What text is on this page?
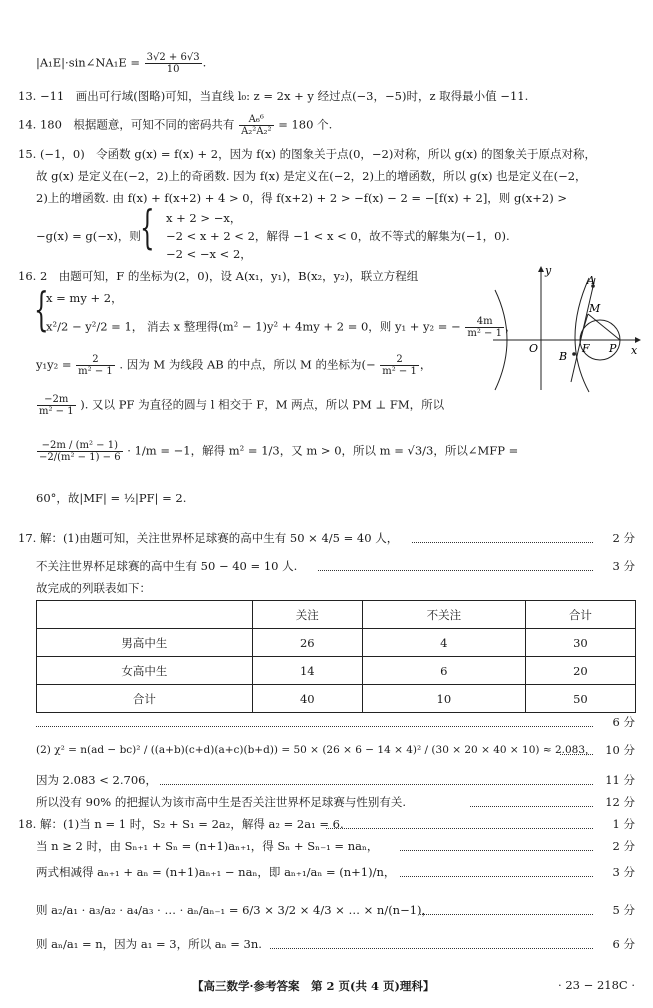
|A₁E|·sin∠NA₁E = $\frac{3√2 + 6√3}{10}$ .
13. −11　画出可行域(图略)可知，当直线 l₀: z = 2x + y 经过点(−3，−5)时，z 取得最小值 −11.
14. 180　根据题意，可知不同的密码共有 $\frac{\text{A₆⁶}}{\text{A₂²A₂²}} = 180$ 个.
15. (−1，0)　令函数 g(x) = f(x) + 2，因为 f(x) 的图象关于点(0，−2)对称，所以 g(x) 的图象关于原点对称，
故 g(x) 是定义在(−2，2)上的奇函数. 因为 f(x) 是定义在(−2，2)上的增函数，所以 g(x) 也是定义在(−2，
2)上的增函数. 由 f(x) + f(x+2) + 4 > 0，得 f(x+2) + 2 > −f(x) − 2 = −[f(x) + 2]，则 g(x+2) >
−g(x) = g(−x)，则 { x + 2 > −x，
−2 < x + 2 < 2，解得 −1 < x < 0，故不等式的解集为(−1，0).
−2 < −x < 2，
16. 2　由题可知，F 的坐标为(2，0)，设 A(x₁，y₁)，B(x₂，y₂)，联立方程组
{
x = my + 2，
x²/2 − y²/2 = 1， 消去 x 整理得(m² − 1)y² + 4my + 2 = 0，则 y₁ + y₂ = − $\frac{4m}{\text{m² − 1}}$ ，
$y_1y_2 = \frac{2}{\text{m² − 1}}$ . 因为 M 为线段 AB 的中点，所以 M 的坐标为(− $\frac{2}{\text{m² − 1}}$ ，
$\frac{-2m}{\text{m² − 1}}$ ). 又以 PF 为直径的圆与 l 相交于 F，M 两点，所以 PM ⊥ FM，所以
$\frac{\text{−2m / (m² − 1)}}{\text{−2/(m² − 1) − 6}} \cdot 1/m = -1$，解得 m² = 1/3，又 m > 0，所以 m = √3/3，所以∠MFP =
60°，故|MF| = ½|PF| = 2.
y
x
A
M
O
B
F P
17. 解：(1)由题可知，关注世界杯足球赛的高中生有 50 × 4/5 = 40 人，	2 分
不关注世界杯足球赛的高中生有 50 − 40 = 10 人.	3 分
故完成的列联表如下：
	关注	不关注	合计
男高中生	26	4	30
女高中生	14	6	20
合计	40	10	50
6 分
(2) χ² = n(ad − bc)² / ((a+b)(c+d)(a+c)(b+d)) = 50 × (26 × 6 − 14 × 4)² / (30 × 20 × 40 × 10) ≈ 2.083， 10 分
因为 2.083 < 2.706，	11 分
所以没有 90% 的把握认为该市高中生是否关注世界杯足球赛与性别有关.	12 分
18. 解：(1)当 n = 1 时，S₂ + S₁ = 2a₂，解得 a₂ = 2a₁ = 6.	1 分
当 n ≥ 2 时，由 Sₙ₊₁ + Sₙ = (n+1)aₙ₊₁，得 Sₙ + Sₙ₋₁ = naₙ，	2 分
两式相减得 aₙ₊₁ + aₙ = (n+1)aₙ₊₁ − naₙ，即 aₙ₊₁/aₙ = (n+1)/n，	3 分
则 a₂/a₁ · a₃/a₂ · a₄/a₃ · … · aₙ/aₙ₋₁ = 6/3 × 3/2 × 4/3 × … × n/(n−1)，	5 分
则 aₙ/a₁ = n，因为 a₁ = 3，所以 aₙ = 3n.	6 分
【高三数学·参考答案　第 2 页(共 4 页)理科】	· 23 − 218C ·
